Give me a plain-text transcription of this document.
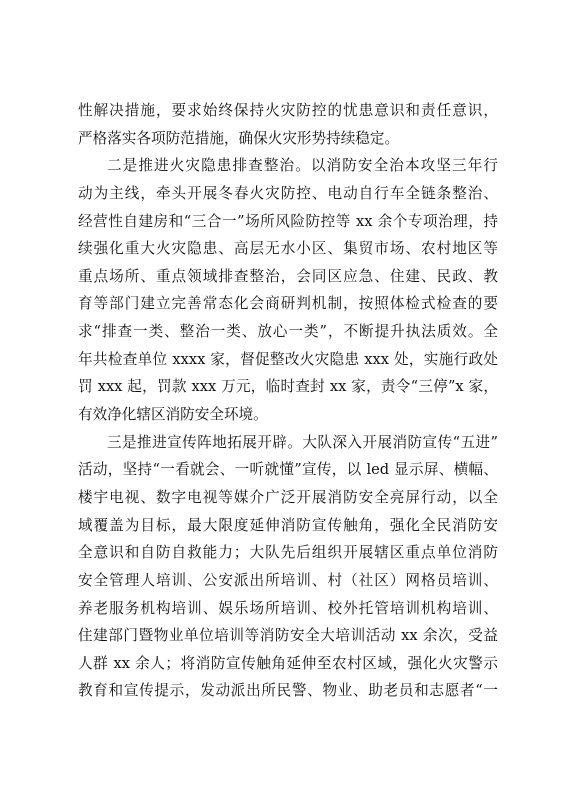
性解决措施，要求始终保持火灾防控的忧患意识和责任意识，
严格落实各项防范措施，确保火灾形势持续稳定。
二是推进火灾隐患排查整治。以消防安全治本攻坚三年行
动为主线，牵头开展冬春火灾防控、电动自行车全链条整治、
经营性自建房和“三合一”场所风险防控等 xx 余个专项治理，持
续强化重大火灾隐患、高层无水小区、集贸市场、农村地区等
重点场所、重点领域排查整治，会同区应急、住建、民政、教
育等部门建立完善常态化会商研判机制，按照体检式检查的要
求“排查一类、整治一类、放心一类”，不断提升执法质效。全
年共检查单位 xxxx 家，督促整改火灾隐患 xxx 处，实施行政处
罚 xxx 起，罚款 xxx 万元，临时查封 xx 家，责令“三停”x 家，
有效净化辖区消防安全环境。
三是推进宣传阵地拓展开辟。大队深入开展消防宣传“五进”
活动，坚持“一看就会、一听就懂”宣传，以 led 显示屏、横幅、
楼宇电视、数字电视等媒介广泛开展消防安全亮屏行动，以全
域覆盖为目标，最大限度延伸消防宣传触角，强化全民消防安
全意识和自防自救能力；大队先后组织开展辖区重点单位消防
安全管理人培训、公安派出所培训、村（社区）网格员培训、
养老服务机构培训、娱乐场所培训、校外托管培训机构培训、
住建部门暨物业单位培训等消防安全大培训活动 xx 余次，受益
人群 xx 余人；将消防宣传触角延伸至农村区域，强化火灾警示
教育和宣传提示，发动派出所民警、物业、助老员和志愿者“一
